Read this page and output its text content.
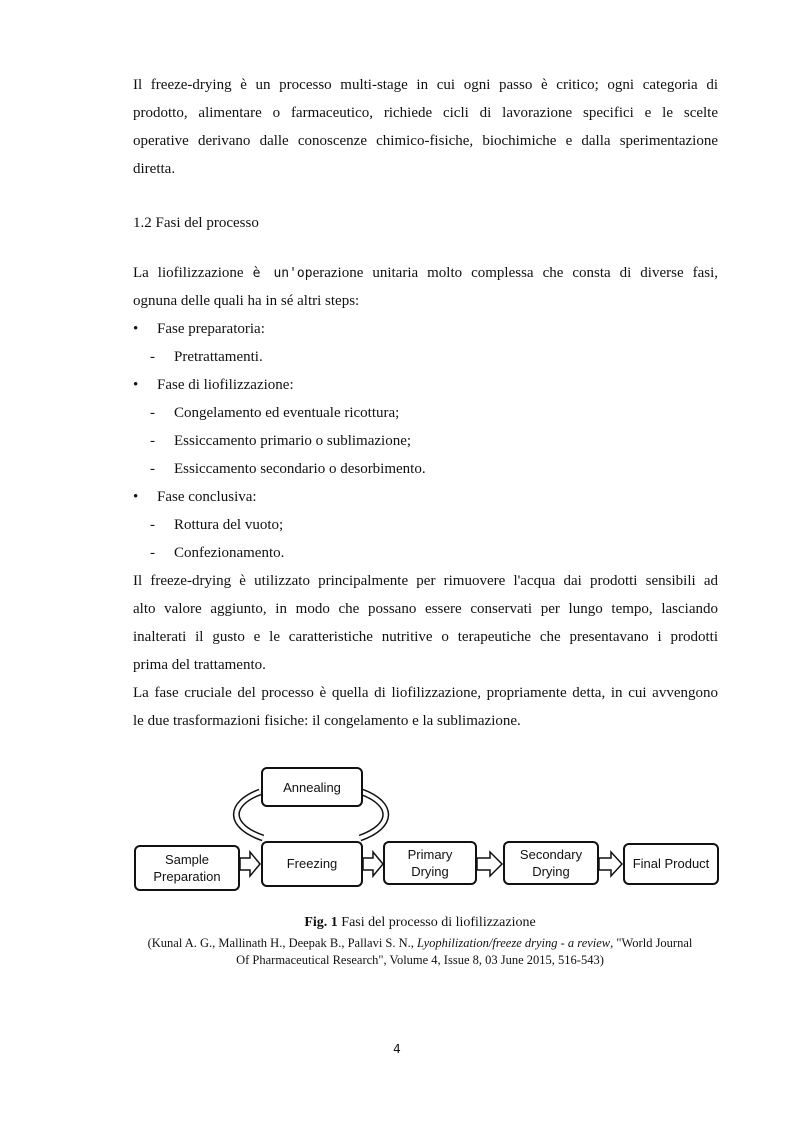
Il freeze-drying è un processo multi-stage in cui ogni passo è critico; ogni categoria di
prodotto, alimentare o farmaceutico, richiede cicli di lavorazione specifici e le scelte
operative derivano dalle conoscenze chimico-fisiche, biochimiche e dalla sperimentazione
diretta.
1.2 Fasi del processo
La liofilizzazione è un'operazione unitaria molto complessa che consta di diverse fasi,
ognuna delle quali ha in sé altri steps:
• Fase preparatoria:
- Pretrattamenti.
• Fase di liofilizzazione:
- Congelamento ed eventuale ricottura;
- Essiccamento primario o sublimazione;
- Essiccamento secondario o desorbimento.
• Fase conclusiva:
- Rottura del vuoto;
- Confezionamento.
Il freeze-drying è utilizzato principalmente per rimuovere l'acqua dai prodotti sensibili ad
alto valore aggiunto, in modo che possano essere conservati per lungo tempo, lasciando
inalterati il gusto e le caratteristiche nutritive o terapeutiche che presentavano i prodotti
prima del trattamento.
La fase cruciale del processo è quella di liofilizzazione, propriamente detta, in cui avvengono
le due trasformazioni fisiche: il congelamento e la sublimazione.
Annealing
Sample
Preparation
Freezing
Primary
Drying
Secondary
Drying
Final Product
Fig. 1 Fasi del processo di liofilizzazione
(Kunal A. G., Mallinath H., Deepak B., Pallavi S. N., Lyophilization/freeze drying - a review, "World Journal
Of Pharmaceutical Research", Volume 4, Issue 8, 03 June 2015, 516-543)
4
